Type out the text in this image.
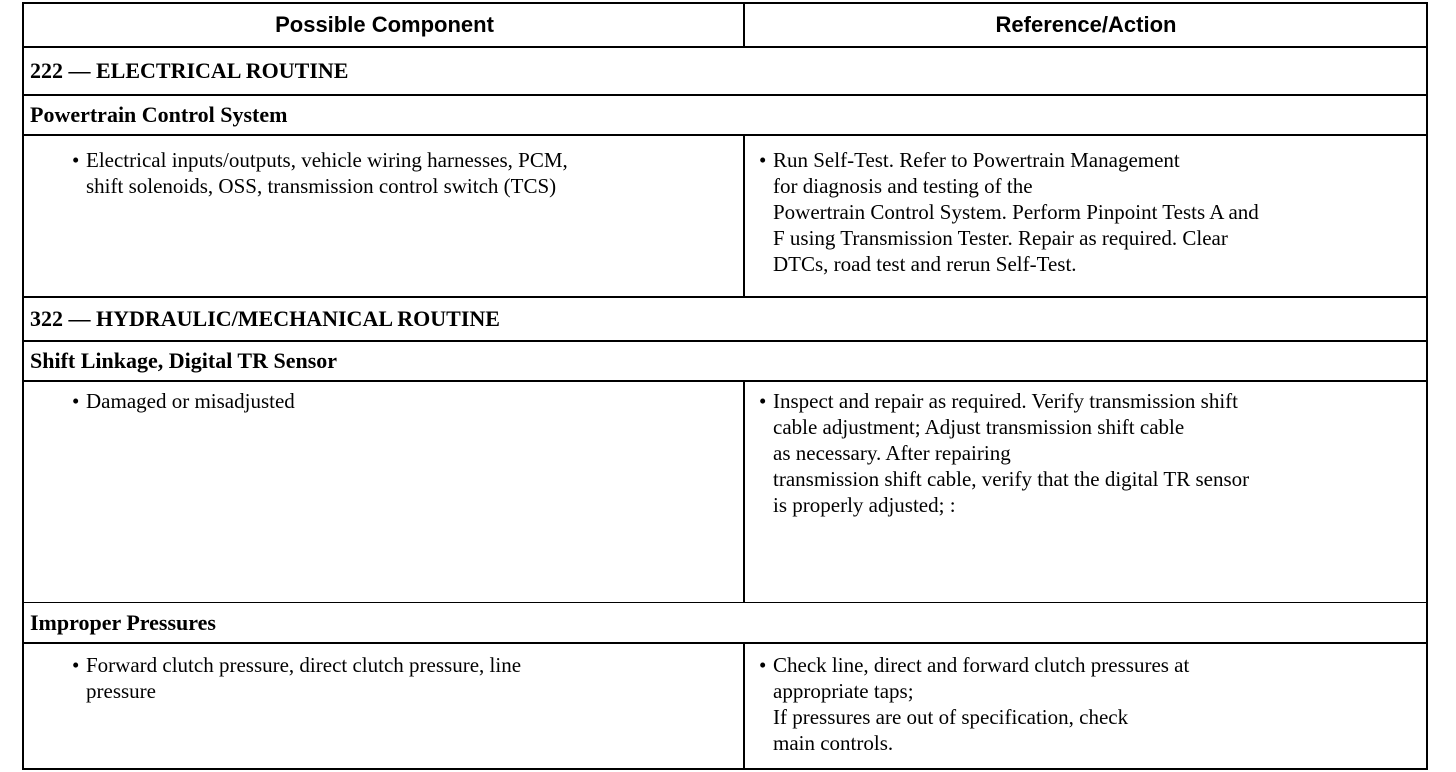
Possible Component	Reference/Action
222 — ELECTRICAL ROUTINE
Powertrain Control System
• Electrical inputs/outputs, vehicle wiring harnesses, PCM,
shift solenoids, OSS, transmission control switch (TCS)
• Run Self-Test. Refer to Powertrain Management
for diagnosis and testing of the
Powertrain Control System. Perform Pinpoint Tests A and
F using Transmission Tester. Repair as required. Clear
DTCs, road test and rerun Self-Test.
322 — HYDRAULIC/MECHANICAL ROUTINE
Shift Linkage, Digital TR Sensor
• Damaged or misadjusted	• Inspect and repair as required. Verify transmission shift
cable adjustment; Adjust transmission shift cable
as necessary. After repairing
transmission shift cable, verify that the digital TR sensor
is properly adjusted; :
Improper Pressures
• Forward clutch pressure, direct clutch pressure, line
pressure
• Check line, direct and forward clutch pressures at
appropriate taps;
If pressures are out of specification, check
main controls.
